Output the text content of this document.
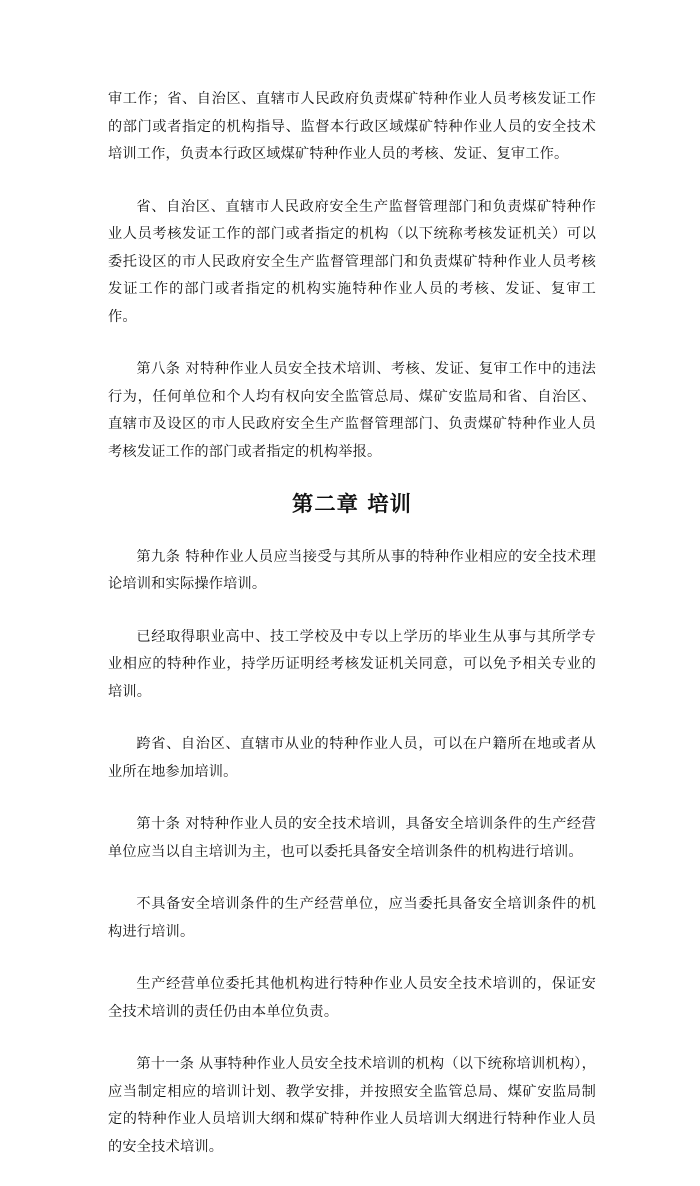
审工作；省、自治区、直辖市人民政府负责煤矿特种作业人员考核发证工作的部门或者指定的机构指导、监督本行政区域煤矿特种作业人员的安全技术培训工作，负责本行政区域煤矿特种作业人员的考核、发证、复审工作。

省、自治区、直辖市人民政府安全生产监督管理部门和负责煤矿特种作业人员考核发证工作的部门或者指定的机构（以下统称考核发证机关）可以委托设区的市人民政府安全生产监督管理部门和负责煤矿特种作业人员考核发证工作的部门或者指定的机构实施特种作业人员的考核、发证、复审工作。

第八条 对特种作业人员安全技术培训、考核、发证、复审工作中的违法行为，任何单位和个人均有权向安全监管总局、煤矿安监局和省、自治区、直辖市及设区的市人民政府安全生产监督管理部门、负责煤矿特种作业人员考核发证工作的部门或者指定的机构举报。

第二章 培训

第九条 特种作业人员应当接受与其所从事的特种作业相应的安全技术理论培训和实际操作培训。

已经取得职业高中、技工学校及中专以上学历的毕业生从事与其所学专业相应的特种作业，持学历证明经考核发证机关同意，可以免予相关专业的培训。

跨省、自治区、直辖市从业的特种作业人员，可以在户籍所在地或者从业所在地参加培训。

第十条 对特种作业人员的安全技术培训，具备安全培训条件的生产经营单位应当以自主培训为主，也可以委托具备安全培训条件的机构进行培训。

不具备安全培训条件的生产经营单位，应当委托具备安全培训条件的机构进行培训。

生产经营单位委托其他机构进行特种作业人员安全技术培训的，保证安全技术培训的责任仍由本单位负责。

第十一条 从事特种作业人员安全技术培训的机构（以下统称培训机构），应当制定相应的培训计划、教学安排，并按照安全监管总局、煤矿安监局制定的特种作业人员培训大纲和煤矿特种作业人员培训大纲进行特种作业人员的安全技术培训。
